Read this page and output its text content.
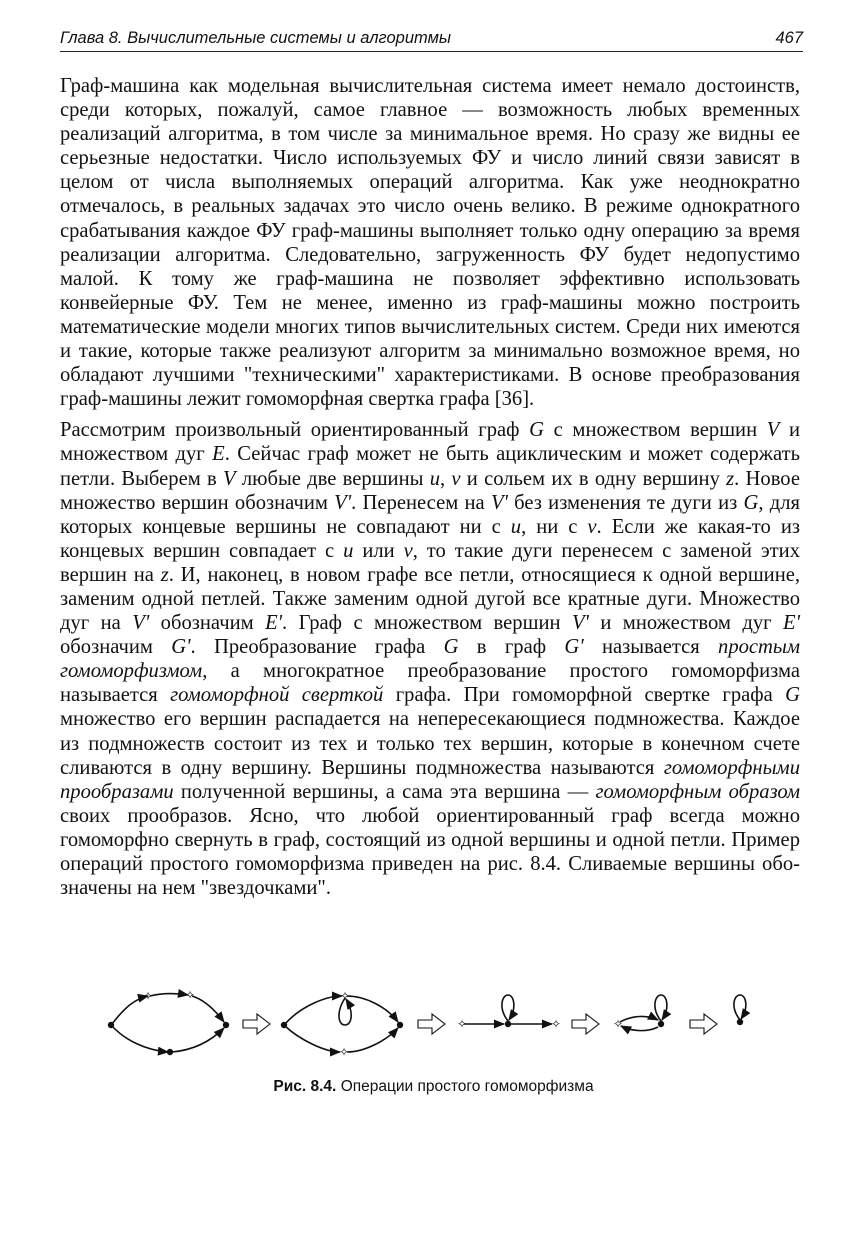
Глава 8. Вычислительные системы и алгоритмы	467

Граф-машина как модельная вычислительная система имеет немало достоинств, среди которых, пожалуй, самое главное — возможность любых временных реализаций алгоритма, в том числе за минимальное время. Но сразу же видны ее серьезные недостатки. Число используемых ФУ и число линий связи зависят в целом от числа выполняемых операций алгоритма. Как уже неоднократно отмечалось, в реальных задачах это число очень велико. В режиме однократного срабатывания каждое ФУ граф-машины выполняет только одну операцию за время реализации алгоритма. Следовательно, загруженность ФУ будет недопустимо малой. К тому же граф-машина не позволяет эффективно использовать конвейерные ФУ. Тем не менее, именно из граф-машины можно построить математические модели многих типов вычислительных систем. Среди них имеются и такие, которые также реализуют алгоритм за минимально возможное время, но обладают лучшими "техническими" характеристиками. В основе преобразования граф-машины лежит гомоморфная свертка графа [36].

Рассмотрим произвольный ориентированный граф G с множеством вершин V и множеством дуг E. Сейчас граф может не быть ациклическим и может содержать петли. Выберем в V любые две вершины u, v и сольем их в одну вершину z. Новое множество вершин обозначим V'. Перенесем на V' без изменения те дуги из G, для которых концевые вершины не совпадают ни с u, ни с v. Если же какая-то из концевых вершин совпадает с u или v, то такие дуги перенесем с заменой этих вершин на z. И, наконец, в новом графе все петли, относящиеся к одной вершине, заменим одной петлей. Также заменим одной дугой все кратные дуги. Множество дуг на V' обозначим E'. Граф с множеством вершин V' и множеством дуг E' обозначим G'. Преобразование графа G в граф G' называется простым гомоморфизмом, а многократное преобразование простого гомоморфизма называется гомоморфной сверткой графа. При гомоморфной свертке графа G множество его вершин распадается на непересекающиеся подмножества. Каждое из подмножеств состоит из тех и только тех вершин, которые в конечном счете сливаются в одну вершину. Вершины подмножества называются гомоморфными прообразами полученной вершины, а сама эта вершина — гомоморфным образом своих прообразов. Ясно, что любой ориентированный граф всегда можно гомоморфно свернуть в граф, состоящий из одной вершины и одной петли. Пример операций простого гомоморфизма приведен на рис. 8.4. Сливаемые вершины обозначены на нем "звездочками".

✧	✧	✧
✧
✧	✧	✧
Рис. 8.4. Операции простого гомоморфизма
